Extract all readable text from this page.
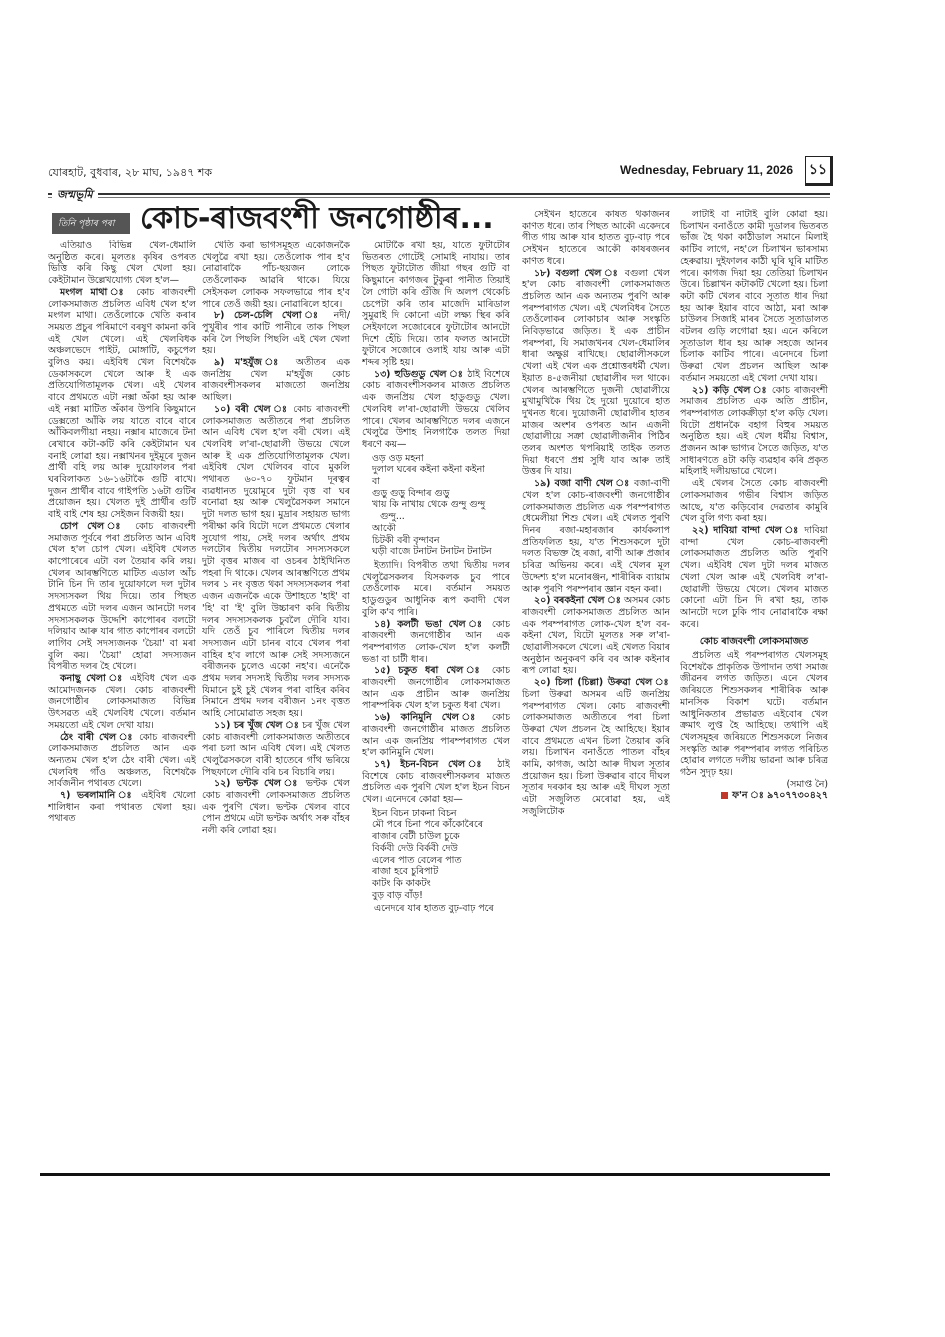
যোৰহাট, বুধবাৰ, ২৮ মাঘ, ১৯৪৭ শক	Wednesday, February 11, 2026 ১১
জন্মভূমি
তিনি পৃষ্ঠাৰ পৰা কোচ-ৰাজবংশী জনগোষ্ঠীৰ...

এতিয়াও বিভিন্ন খেল-ধেমালি অনুষ্ঠিত কৰে। মূলতঃ কৃষিৰ ওপৰত ভিত্তি কৰি কিছু খেল খেলা হয়। কেইটামান উল্লেখযোগ্য খেল হ'ল—

মংগল মাথা ঃ কোচ ৰাজবংশী লোকসমাজত প্ৰচলিত এবিধ খেল হ'ল মংগল মাথা। তেওঁলোকে খেতি কৰাৰ সময়ত প্ৰচুৰ পৰিমাণে বৰষুণ কামনা কৰি এই খেল খেলে। এই খেলবিধক অঞ্চলভেদে পাইট, মোঙ্গাটি, কচুপেল বুলিও কয়। এইবিধ খেল বিশেষকৈ ডেকাসকলে খেলে আৰু ই এক প্ৰতিযোগিতামূলক খেল। এই খেলৰ বাবে প্ৰথমতে এটা নক্সা অঁকা হয় আৰু এই নক্সা মাটিত অঁকাৰ উপৰি কিছুমানে ডেক্সতো আঁকি লয় যাতে বাৰে বাৰে আঁকিবলগীয়া নহয়। নক্সাৰ মাজেৰে টনা ৰেখাৰে কটা-কটি কৰি কেইটামান ঘৰ বনাই লোৱা হয়। নক্সাখনৰ দুইমূৰে দুজন প্ৰাৰ্থী বহি লয় আৰু দুয়োফালৰ পৰা ঘৰবিলাকত ১৬-১৬টাকৈ গুটি ৰাখে। দুজন প্ৰাৰ্থীৰ বাবে গাইপতি ১৬টা গুটিৰ প্ৰয়োজন হয়। খেলত দুই প্ৰাৰ্থীৰ গুটি বাই বাই শেষ হয় সেইজন বিজয়ী হয়।

চোপ খেল ঃ কোচ ৰাজবংশী সমাজত পূৰ্বৰে পৰা প্ৰচলিত আন এবিধ খেল হ'ল চোপ খেল। এইবিধ খেলত কাপোৰেৰে এটা বল তৈয়াৰ কৰি লয়। খেলৰ আৰম্ভণিতে মাটিত এডাল আঁচ টানি চিন দি তাৰ দুয়োফালে দল দুটাৰ সদস্যসকল থিয় দিয়ে। তাৰ পিছত প্ৰথমতে এটা দলৰ এজন আনটো দলৰ সদস্যসকলক উদ্দেশি কাপোৰৰ বলটো দলিয়াব আৰু যাৰ গাত কাপোৰৰ বলটো লাগিব সেই সদস্যজনক 'চৈয়া' বা মৰা বুলি কয়। 'চৈয়া' হোৱা সদস্যজন বিপৰীত দলৰ হৈ খেলে।

কনাছু খেলা ঃ এইবিধ খেল এক আমোদজনক খেল। কোচ ৰাজবংশী জনগোষ্ঠীৰ লোকসমাজত বিভিন্ন উৎসৱত এই খেলবিধ খেলে। বৰ্তমান সময়তো এই খেল দেখা যায়।

ঠেং বাৰী খেল ঃ কোচ ৰাজবংশী লোকসমাজত প্ৰচলিত আন এক অন্যতম খেল হ'ল ঠেং বাৰী খেল। এই খেলবিধ গাঁও অঞ্চলত, বিশেষকৈ সাৰ্বজনীন পথাৰত খেলে।

৭) ভৰলামানি ঃ এইবিধ খেলো শালিধান কৰা পথাৰত খেলা হয়। পথাৰত

খেতি কৰা ভাগসমূহত একোজনকৈ খেলুৱৈ ৰখা হয়। তেওঁলোক পাৰ হ'ব নোৱাৰাকৈ পাঁচ-ছয়জন লোকে তেওঁলোকক আৱৰি থাকে। যিয়ে সেইসকল লোকক সফলভাৱে পাৰ হ'ব পাৰে তেওঁ জয়ী হয়। নোৱাৰিলে হাৰে।

৮) চেল-চেলি খেলা ঃ নদী/ পুখুৰীৰ পাৰ কাটি পানীৰে তাক পিছল কৰি লৈ পিছলি পিছলি এই খেল খেলা হয়।

৯) ম'হযুঁজ ঃ অতীতৰ এক জনপ্ৰিয় খেল ম'হযুঁজ কোচ ৰাজবংশীসকলৰ মাজতো জনপ্ৰিয় আছিল।

১০) বৰী খেল ঃ কোচ ৰাজবংশী লোকসমাজত অতীতৰে পৰা প্ৰচলিত আন এবিধ খেল হ'ল বৰী খেল। এই খেলবিধ ল'ৰা-ছোৱালী উভয়ে খেলে আৰু ই এক প্ৰতিযোগিতামূলক খেল। এইবিধ খেল খেলিবৰ বাবে মুকলি পথাৰত ৬০-৭০ ফুটমান দূৰত্বৰ ব্যৱধানত দুয়োমূৰে দুটা বৃত্ত বা ঘৰ বনোৱা হয় আৰু খেলুৱৈসকল সমানে দুটা দলত ভাগ হয়। মুদ্ৰাৰ সহায়ত ভাগ্য পৰীক্ষা কৰি যিটো দলে প্ৰথমতে খেলাৰ সুযোগ পায়, সেই দলৰ অৰ্থাৎ প্ৰথম দলটোৰ দ্বিতীয় দলটোৰ সদস্যসকলে দুটা বৃত্তৰ মাজৰ বা ওচৰৰ ঠাইখিনিত পহৰা দি থাকে। খেলৰ আৰম্ভণিতে প্ৰথম দলৰ ১ নং বৃত্তত থকা সদস্যসকলৰ পৰা এজন এজনকৈ একে উশাহতে 'হাই' বা 'হি' বা 'ই' বুলি উচ্চাৰণ কৰি দ্বিতীয় দলৰ সদস্যসকলক চুবলৈ দৌৰি যাব। যদি তেওঁ চুব পাৰিলে দ্বিতীয় দলৰ সদস্যজন এটা চানৰ বাবে খেলৰ পৰা বাহিৰ হ'ব লাগে আৰু সেই সদস্যজনে বৰীজনক চুলেও একো নহ'ব। এনেকৈ প্ৰথম দলৰ সদস্যই দ্বিতীয় দলৰ সদস্যক যিমানে চুই চুই খেলৰ পৰা বাহিৰ কৰিব সিমানে প্ৰথম দলৰ বৰীজন ১নং বৃত্তত আহি সোমোৱাত সহজ হয়।

১১) চৰ খুঁজ খেল ঃ চৰ খুঁজ খেল কোচ ৰাজবংশী লোকসমাজত অতীতৰে পৰা চলা আন এবিধ খেল। এই খেলত খেলুৱৈসকলে বাৰী হাতেৰে গাঁথ ভৰিয়ে পিছফালে দৌৰি বৰি চৰ বিচাৰি লয়।

১২) ভণ্টক খেল ঃ ভণ্টক খেল কোচ ৰাজবংশী লোকসমাজত প্ৰচলিত এক পুৰণি খেল। ভণ্টক খেলৰ বাবে পোন প্ৰথমে এটা ভণ্টক অৰ্থাৎ সৰু বাঁহৰ নলী কৰি লোৱা হয়।

মোটাকৈ ৰখা হয়, যাতে ফুটাটোৰ ভিতৰত গোটেই সোমাই নাযায়। তাৰ পিছত ফুটাটোত জীয়া গছৰ গুটি বা কিছুমানে কাগজৰ টুকুৰা পানীত তিয়াই লৈ গোটা কৰি গুঁজি দি অলপ থেকেচি চেপেটা কৰি তাৰ মাজেদি মাৰিডাল সুমুৱাই দি কোনো এটা লক্ষ্য স্থিৰ কৰি সেইফালে সজোৰেৰে ফুটাটোৰ আনটো দিশে হেঁচি দিয়ে। তাৰ ফলত আনটো ফুটাৰে সজোৰে ওলাই যায় আৰু এটা শব্দৰ সৃষ্টি হয়।

১৩) হুডিগুডু খেল ঃ ঠাই বিশেষে কোচ ৰাজবংশীসকলৰ মাজত প্ৰচলিত এক জনপ্ৰিয় খেল হাডুগুডু খেল। খেলবিধ ল'ৰা-ছোৱালী উভয়ে খেলিব পাৰে। খেলৰ আৰম্ভণিতে দলৰ এজনে খেলুৱৈ উশাহ নিলগাকৈ তলত দিয়া ধৰণে কয়—

ওড় ওড় মহনা
দুলাল ঘৰেৰ কইনা কইনা কইনা
বা
গুড়ু গুড়ু বিন্দাৰ গুড়ু
খায় কি নাখায় থেকে গুন্দু গুন্দু গুন্দু...
আকৌ
চিটকী বৰী বৃন্দাবন
ঘড়ী বাজে টনাটন টনাটন টনাটন

ইত্যাদি। বিপৰীত তথা দ্বিতীয় দলৰ খেলুৱৈসকলৰ যিসকলক চুব পাৰে তেওঁলোক মৰে। বৰ্তমান সময়ত হাডুগুডুৰ আধুনিক ৰূপ কবাদী খেল বুলি ক'ব পাৰি।

১৪) কলটী ভঙা খেল ঃ কোচ ৰাজবংশী জনগোষ্ঠীৰ আন এক পৰম্পৰাগত লোক-খেল হ'ল কলটী ভঙা বা চাটী ধাৰ।

১৫) চকুত ধৰা খেল ঃ কোচ ৰাজবংশী জনগোষ্ঠীৰ লোকসমাজত আন এক প্ৰাচীন আৰু জনপ্ৰিয় পাৰম্পৰিক খেল হ'ল চকুত ধৰা খেল।

১৬) কানিমুনি খেল ঃ কোচ ৰাজবংশী জনগোষ্ঠীৰ মাজত প্ৰচলিত আন এক জনপ্ৰিয় পাৰম্পৰাগত খেল হ'ল কানিমুনি খেল।

১৭) ইচন-বিচন খেল ঃ ঠাই বিশেষে কোচ ৰাজবংশীসকলৰ মাজত প্ৰচলিত এক পুৰণি খেল হ'ল ইচন বিচন খেল। এনেদৰে কোৱা হয়—

ইচন বিচন ঢাকনা বিচন
মৌ পৰে চিনা পৰে কাঁকোৰৈৰে
ৰাজাৰ বেটী চাউল চুকে
বিৰ্কবী দেউ বিৰ্কবী দেউ
এলেৰ পাত বেলেৰ পাত
ৰাজা হবে চুৰিপাট
কাটং কি কাকটং
বুড় বাড় বাঁড়!

এনেদৰে যাৰ হাতত বুঢ়-বাঢ় পৰে

সেইখন হাতেৰে কাষত থকাজনৰ কাণত ধৰে। তাৰ পিছত আকৌ একেদৰে গীত গায় আৰু যাৰ হাতত বুঢ়-বাঢ় পৰে সেইখন হাতেৰে আকৌ কাষৰজনৰ কাণত ধৰে।

১৮) বগুলা খেল ঃ বগুলা খেল হ'ল কোচ ৰাজবংশী লোকসমাজত প্ৰচলিত আন এক অন্যতম পুৰণি আৰু পৰম্পৰাগত খেল। এই খেলবিধৰ সৈতে তেওঁলোকৰ লোকাচাৰ আৰু সংস্কৃতি নিবিড়ভাৱে জড়িত। ই এক প্ৰাচীন পৰম্পৰা, যি সমাজখনৰ খেল-ধেমালিৰ ধাৰা অক্ষুণ্ণ ৰাখিছে। ছোৱালীসকলে খেলা এই খেল এক প্ৰশ্নোত্তৰধৰ্মী খেল। ইয়াত ৪-৫জনীয়া ছোৱালীৰ দল থাকে। খেলৰ আৰম্ভণিতে দুজনী ছোৱালীয়ে মুখামুখিকৈ থিয় হৈ দুয়ো দুয়োৰে হাত দুখনত ধৰে। দুয়োজনী ছোৱালীৰ হাতৰ মাজৰ অংশৰ ওপৰত আন এজনী ছোৱালীয়ে সক্ৰা ছোৱালীজনীৰ পিঠিৰ তলৰ অংশত থপৰিয়াই তাইক তলত দিয়া ধৰণে প্ৰশ্ন সুধি যাব আৰু তাই উত্তৰ দি যায়।

১৯) বজা বাণী খেল ঃ বজা-বাণী খেল হ'ল কোচ-ৰাজবংশী জনগোষ্ঠীৰ লোকসমাজত প্ৰচলিত এক পৰম্পৰাগত ধেমেলীয়া শিশু খেল। এই খেলত পুৰণি দিনৰ ৰজা-মহাৰজাৰ কাৰ্যকলাপ প্ৰতিফলিত হয়, য'ত শিশুসকলে দুটা দলত বিভক্ত হৈ ৰজা, ৰাণী আৰু প্ৰজাৰ চৰিত্ৰ অভিনয় কৰে। এই খেলৰ মূল উদ্দেশ্য হ'ল মনোৰঞ্জন, শাৰীৰিক ব্যায়াম আৰু পুৰণি পৰম্পৰাৰ জ্ঞান বহন কৰা।

২০) বৰকইনা খেল ঃ অসমৰ কোচ ৰাজবংশী লোকসমাজত প্ৰচলিত আন এক পৰম্পৰাগত লোক-খেল হ'ল বৰ-কইনা খেল, যিটো মূলতঃ সৰু ল'ৰা-ছোৱালীসকলে খেলে। এই খেলত বিয়াৰ অনুষ্ঠান অনুকৰণ কৰি বৰ আৰু কইনাৰ ৰূপ লোৱা হয়।

২০) চিলা (চিল্লা) উৰুৱা খেল ঃ চিলা উৰুৱা অসমৰ এটি জনপ্ৰিয় পৰম্পৰাগত খেল। কোচ ৰাজবংশী লোকসমাজত অতীতৰে পৰা চিলা উৰুৱা খেল প্ৰচলন হৈ আহিছে। ইয়াৰ বাবে প্ৰথমতে এখন চিলা তৈয়াৰ কৰি লয়। চিলাখন বনাওঁতে পাতল বাঁহৰ কামি, কাগজ, আঠা আৰু দীঘল সূতাৰ প্ৰয়োজন হয়। চিলা উৰুৱাৰ বাবে দীঘল সূতাৰ দৰকাৰ হয় আৰু এই দীঘল সূতা এটা সজুলিত মেৰোৱা হয়, এই সজুলিটোক

লাটাই বা নাটাই বুলি কোৱা হয়। চিলাখন বনাওঁতে কামী দুডালৰ ভিতৰত ভাঁজ হৈ থকা কাঠীডাল সমানে মিলাই কাটিব লাগে, নহ'লে চিলাখন ভাৰসাম্য হেৰুৱায়। দুইফালৰ কাঠী ঘূৰি ঘূৰি মাটিত পৰে। কাগজ দিয়া হয় তেতিয়া চিলাখন উৰে। চিল্লাখন কটাকটি খেলো হয়। চিলা কটা কটি খেলৰ বাবে সূতাত ধাৰ দিয়া হয় আৰু ইয়াৰ বাবে আঠা, মৰা আৰু চাউলৰ সিজাই মাৰৰ সৈতে সূতাডালত বটলৰ গুড়ি লগোৱা হয়। এনে কৰিলে সূতাডাল ধাৰ হয় আৰু সহজে আনৰ চিলাক কাটিব পাৰে। এনেদৰে চিলা উৰুৱা খেল প্ৰচলন আছিল আৰু বৰ্তমান সময়তো এই খেলা দেখা যায়।

২১) কড়ি খেল ঃ কোচ ৰাজবংশী সমাজৰ প্ৰচলিত এক অতি প্ৰাচীন, পৰম্পৰাগত লোকক্ৰীড়া হ'ল কড়ি খেল। যিটো প্ৰধানকৈ বহাগ বিহুৰ সময়ত অনুষ্ঠিত হয়। এই খেল ধৰ্মীয় বিশ্বাস, প্ৰজনন আৰু ভাগ্যৰ সৈতে জড়িত, য'ত সাধাৰণতে ৪টা কড়ি ব্যৱহাৰ কৰি প্ৰকৃত মহিলাই দলীয়ভাৱে খেলে।

এই খেলৰ সৈতে কোচ ৰাজবংশী লোকসমাজৰ গভীৰ বিশ্বাস জড়িত আছে, য'ত কড়িবোৰ দেৱতাৰ কামুৰি খেল বুলি গণ্য কৰা হয়।

২২) দাবিয়া বান্দা খেল ঃ দাবিয়া বান্দা খেল কোচ-ৰাজবংশী লোকসমাজত প্ৰচলিত অতি পুৰণি খেল। এইবিধ খেল দুটা দলৰ মাজত খেলা খেল আৰু এই খেলবিধ ল'ৰা-ছোৱালী উভয়ে খেলে। খেলৰ মাজত কোনো এটা চিন দি ৰখা হয়, তাক আনটো দলে ঢুকি পাব নোৱাৰাকৈ ৰক্ষা কৰে।

কোচ ৰাজবংশী লোকসমাজত

প্ৰচলিত এই পৰম্পৰাগত খেলসমূহ বিশেষকৈ প্ৰাকৃতিক উপাদান তথা সমাজ জীৱনৰ লগত জড়িত। এনে খেলৰ জৰিয়তে শিশুসকলৰ শাৰীৰিক আৰু মানসিক বিকাশ ঘটে। বৰ্তমান আধুনিকতাৰ প্ৰভাৱত এইবোৰ খেল ক্ৰমাৎ লুপ্ত হৈ আহিছে। তথাপি এই খেলসমূহৰ জৰিয়তে শিশুসকলে নিজৰ সংস্কৃতি আৰু পৰম্পৰাৰ লগত পৰিচিত হোৱাৰ লগতে দলীয় ভাৱনা আৰু চৰিত্ৰ গঠন সুদৃঢ় হয়।

(সমাপ্ত নৈ)
ফ'ন ঃ ৯৭০৭৭৩০৪২৭
